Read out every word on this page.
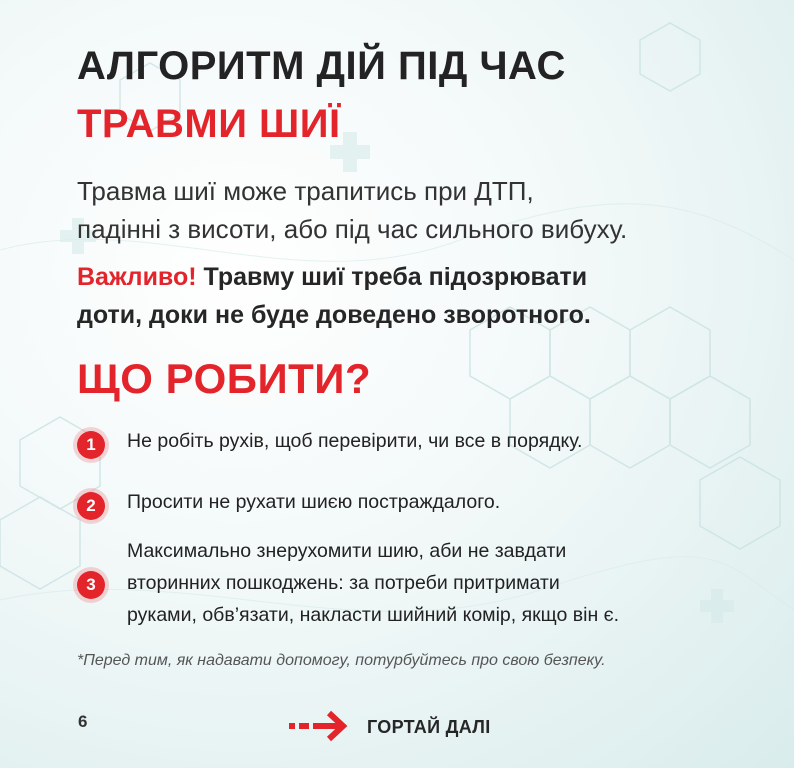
АЛГОРИТМ ДІЙ ПІД ЧАС
ТРАВМИ ШИЇ
Травма шиї може трапитись при ДТП,
падінні з висоти, або під час сильного вибуху.
Важливо! Травму шиї треба підозрювати
доти, доки не буде доведено зворотного.
ЩО РОБИТИ?
1	Не робіть рухів, щоб перевірити, чи все в порядку.
2	Просити не рухати шиєю постраждалого.
3
Максимально знерухомити шию, аби не завдати
вторинних пошкоджень: за потреби притримати
руками, обв’язати, накласти шийний комір, якщо він є.
*Перед тим, як надавати допомогу, потурбуйтесь про свою безпеку.
6	ГОРТАЙ ДАЛІ
